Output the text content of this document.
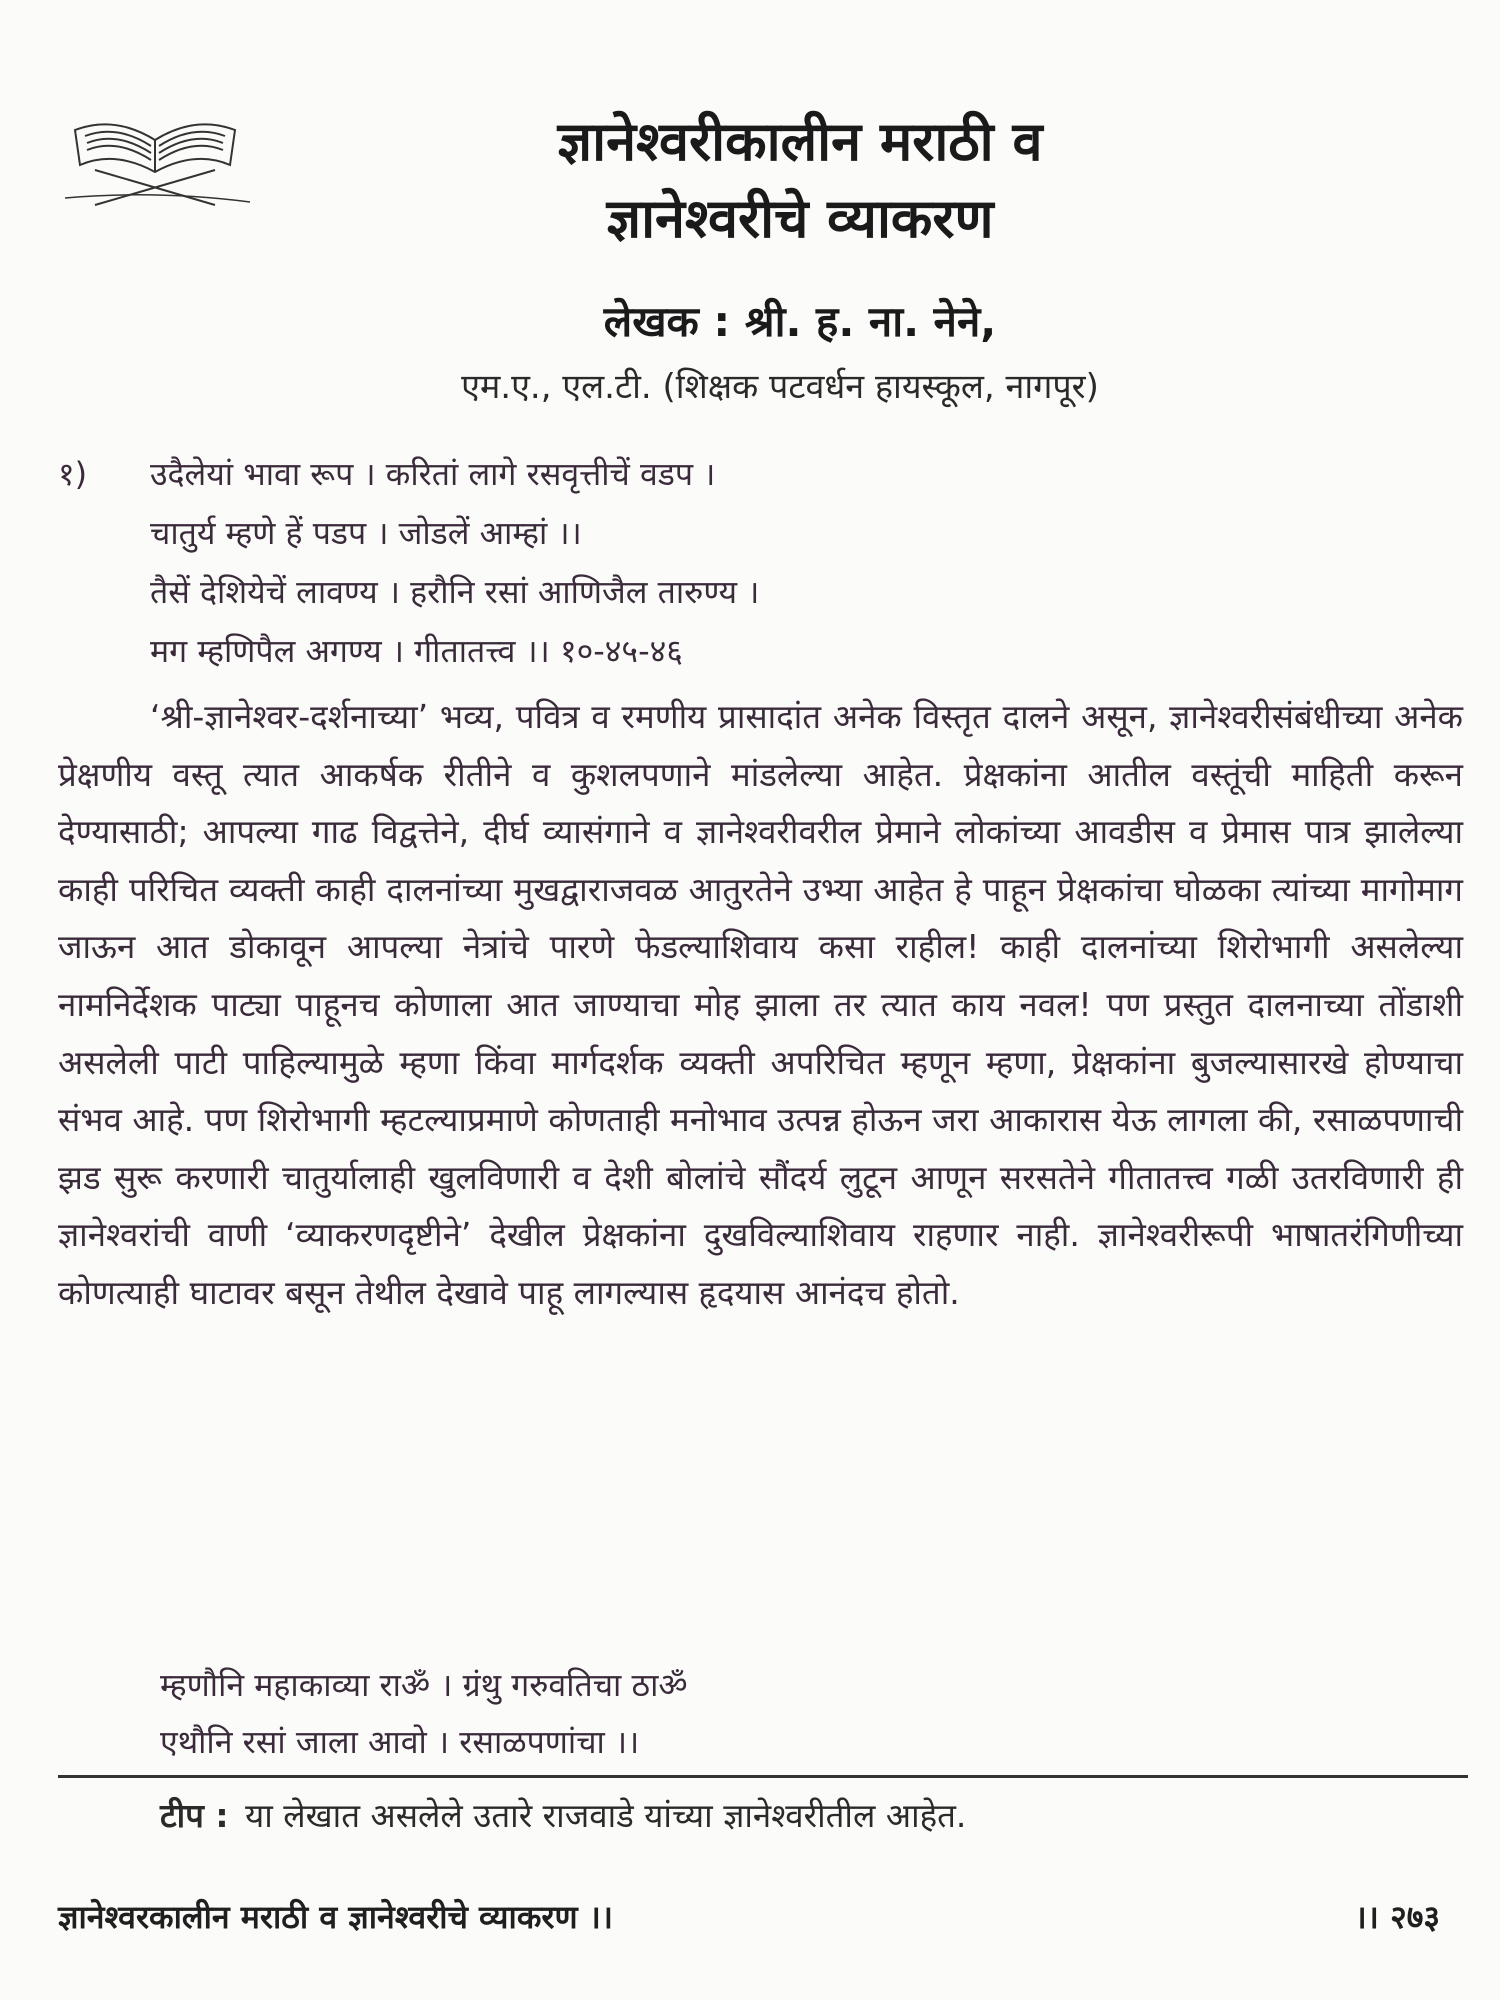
ज्ञानेश्वरीकालीन मराठी व
ज्ञानेश्वरीचे व्याकरण
लेखक : श्री. ह. ना. नेने,
एम.ए., एल.टी. (शिक्षक पटवर्धन हायस्कूल, नागपूर)
१) उदैलेयां भावा रूप । करितां लागे रसवृत्तीचें वडप ।
चातुर्य म्हणे हें पडप । जोडलें आम्हां ।।
तैसें देशियेचें लावण्य । हरौनि रसां आणिजैल तारुण्य ।
मग म्हणिपैल अगण्य । गीतातत्त्व ।। १०-४५-४६

‘श्री-ज्ञानेश्वर-दर्शनाच्या’ भव्य, पवित्र व रमणीय प्रासादांत अनेक विस्तृत दालने असून, ज्ञानेश्वरीसंबंधीच्या अनेक प्रेक्षणीय वस्तू त्यात आकर्षक रीतीने व कुशलपणाने मांडलेल्या आहेत. प्रेक्षकांना आतील वस्तूंची माहिती करून देण्यासाठी; आपल्या गाढ विद्वत्तेने, दीर्घ व्यासंगाने व ज्ञानेश्वरीवरील प्रेमाने लोकांच्या आवडीस व प्रेमास पात्र झालेल्या काही परिचित व्यक्ती काही दालनांच्या मुखद्वाराजवळ आतुरतेने उभ्या आहेत हे पाहून प्रेक्षकांचा घोळका त्यांच्या मागोमाग जाऊन आत डोकावून आपल्या नेत्रांचे पारणे फेडल्याशिवाय कसा राहील! काही दालनांच्या शिरोभागी असलेल्या नामनिर्देशक पाट्या पाहूनच कोणाला आत जाण्याचा मोह झाला तर त्यात काय नवल! पण प्रस्तुत दालनाच्या तोंडाशी असलेली पाटी पाहिल्यामुळे म्हणा किंवा मार्गदर्शक व्यक्ती अपरिचित म्हणून म्हणा, प्रेक्षकांना बुजल्यासारखे होण्याचा संभव आहे. पण शिरोभागी म्हटल्याप्रमाणे कोणताही मनोभाव उत्पन्न होऊन जरा आकारास येऊ लागला की, रसाळपणाची झड सुरू करणारी चातुर्यालाही खुलविणारी व देशी बोलांचे सौंदर्य लुटून आणून सरसतेने गीतातत्त्व गळी उतरविणारी ही ज्ञानेश्वरांची वाणी ‘व्याकरणदृष्टीने’ देखील प्रेक्षकांना दुखविल्याशिवाय राहणार नाही. ज्ञानेश्वरीरूपी भाषातरंगिणीच्या कोणत्याही घाटावर बसून तेथील देखावे पाहू लागल्यास हृदयास आनंदच होतो.

म्हणौनि महाकाव्या राॐ । ग्रंथु गरुवतिचा ठाॐ
एथौनि रसां जाला आवो । रसाळपणांचा ।।
टीप : या लेखात असलेले उतारे राजवाडे यांच्या ज्ञानेश्वरीतील आहेत.
ज्ञानेश्वरकालीन मराठी व ज्ञानेश्वरीचे व्याकरण ।।	।। २७३
